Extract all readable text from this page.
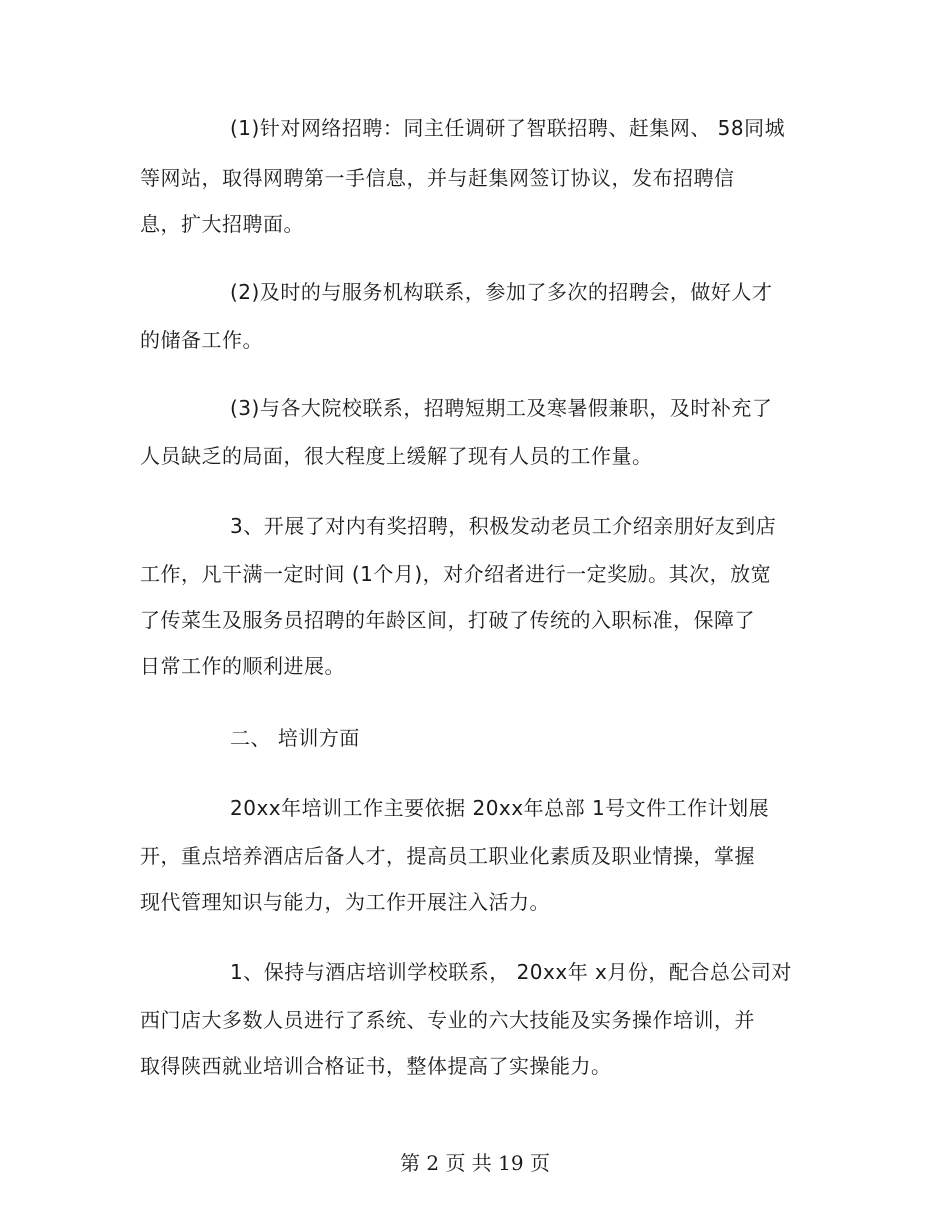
(1)针对网络招聘：同主任调研了智联招聘、赶集网、 58同城
等网站，取得网聘第一手信息，并与赶集网签订协议，发布招聘信
息，扩大招聘面。
(2)及时的与服务机构联系，参加了多次的招聘会，做好人才
的储备工作。
(3)与各大院校联系，招聘短期工及寒暑假兼职，及时补充了
人员缺乏的局面，很大程度上缓解了现有人员的工作量。
3、开展了对内有奖招聘，积极发动老员工介绍亲朋好友到店
工作，凡干满一定时间 (1个月)，对介绍者进行一定奖励。其次，放宽
了传菜生及服务员招聘的年龄区间，打破了传统的入职标准，保障了
日常工作的顺利进展。
二、 培训方面
20xx年培训工作主要依据 20xx年总部 1号文件工作计划展
开，重点培养酒店后备人才，提高员工职业化素质及职业情操，掌握
现代管理知识与能力，为工作开展注入活力。
1、保持与酒店培训学校联系， 20xx年 x月份，配合总公司对
西门店大多数人员进行了系统、专业的六大技能及实务操作培训，并
取得陕西就业培训合格证书，整体提高了实操能力。
第 2 页 共 19 页
